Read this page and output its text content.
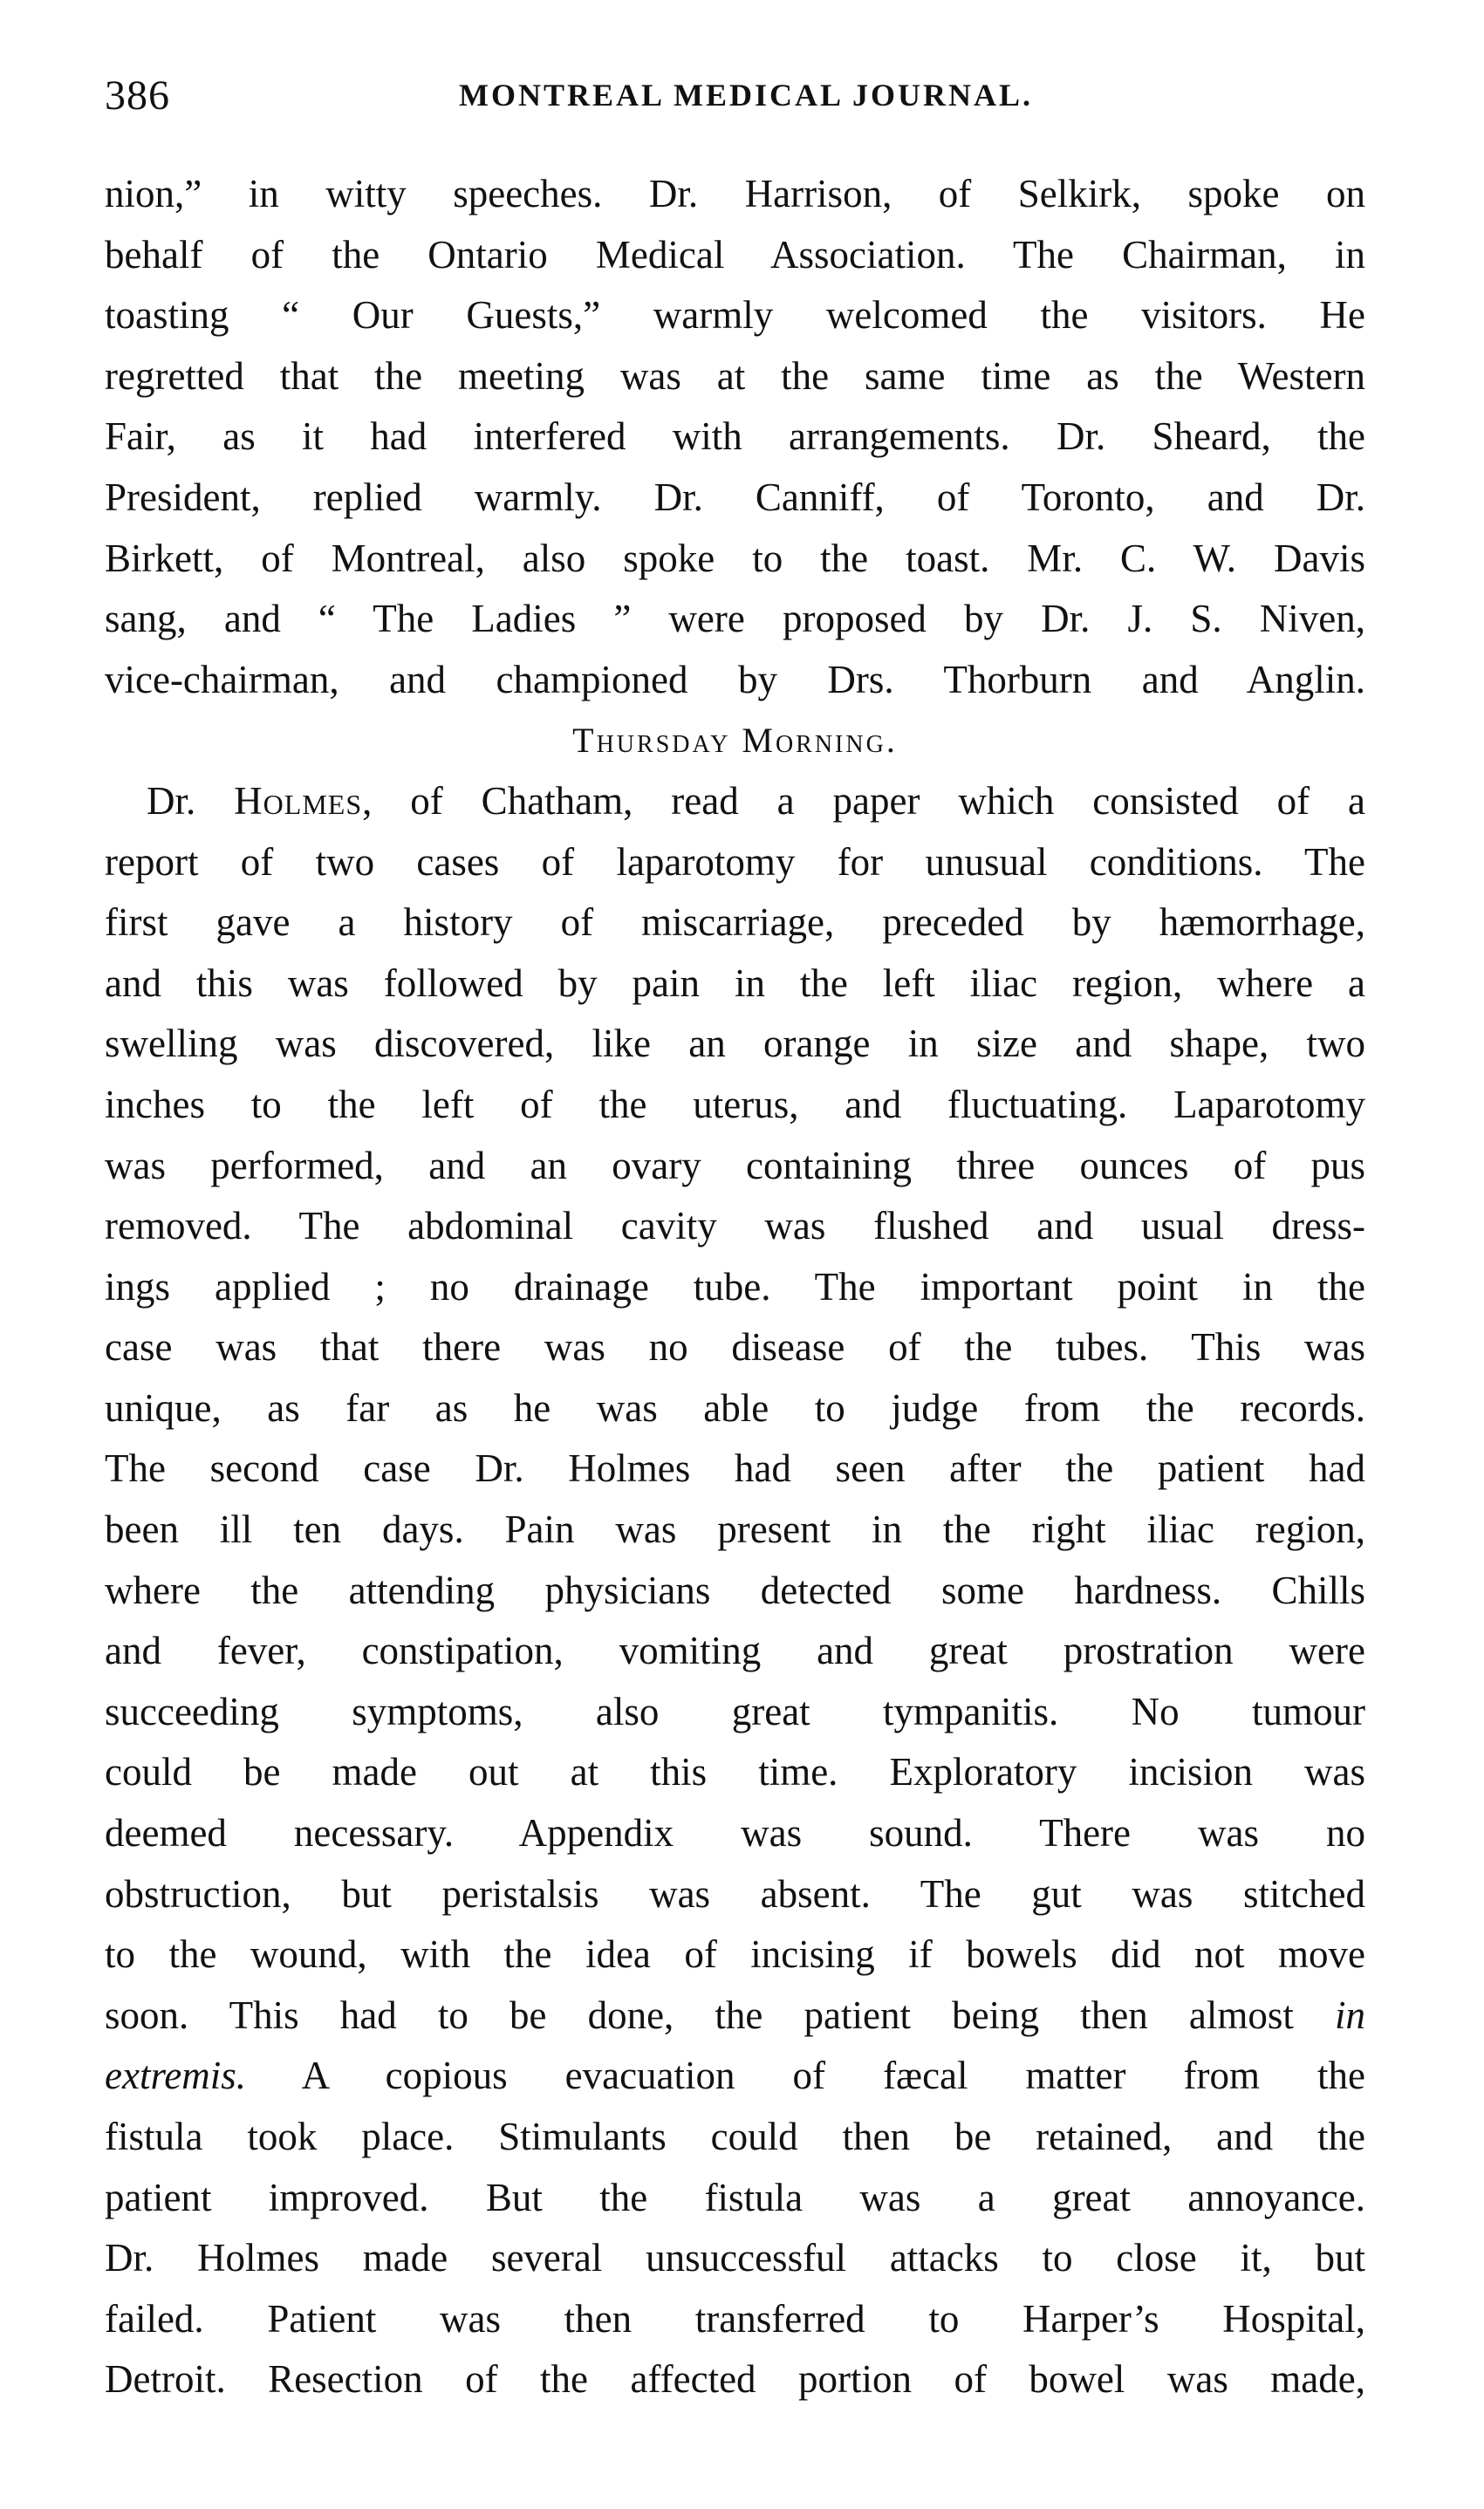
386	MONTREAL MEDICAL JOURNAL.
nion,” in witty speeches. Dr. Harrison, of Selkirk, spoke on
behalf of the Ontario Medical Association. The Chairman, in
toasting “ Our Guests,” warmly welcomed the visitors. He
regretted that the meeting was at the same time as the Western
Fair, as it had interfered with arrangements. Dr. Sheard, the
President, replied warmly. Dr. Canniff, of Toronto, and Dr.
Birkett, of Montreal, also spoke to the toast. Mr. C. W. Davis
sang, and “ The Ladies ” were proposed by Dr. J. S. Niven,
vice-chairman, and championed by Drs. Thorburn and Anglin.
Thursday Morning.
Dr. Holmes, of Chatham, read a paper which consisted of a
report of two cases of laparotomy for unusual conditions. The
first gave a history of miscarriage, preceded by hæmorrhage,
and this was followed by pain in the left iliac region, where a
swelling was discovered, like an orange in size and shape, two
inches to the left of the uterus, and fluctuating. Laparotomy
was performed, and an ovary containing three ounces of pus
removed. The abdominal cavity was flushed and usual dress-
ings applied ; no drainage tube. The important point in the
case was that there was no disease of the tubes. This was
unique, as far as he was able to judge from the records.
The second case Dr. Holmes had seen after the patient had
been ill ten days. Pain was present in the right iliac region,
where the attending physicians detected some hardness. Chills
and fever, constipation, vomiting and great prostration were
succeeding symptoms, also great tympanitis. No tumour
could be made out at this time. Exploratory incision was
deemed necessary. Appendix was sound. There was no
obstruction, but peristalsis was absent. The gut was stitched
to the wound, with the idea of incising if bowels did not move
soon. This had to be done, the patient being then almost in
extremis. A copious evacuation of fæcal matter from the
fistula took place. Stimulants could then be retained, and the
patient improved. But the fistula was a great annoyance.
Dr. Holmes made several unsuccessful attacks to close it, but
failed. Patient was then transferred to Harper’s Hospital,
Detroit. Resection of the affected portion of bowel was made,
